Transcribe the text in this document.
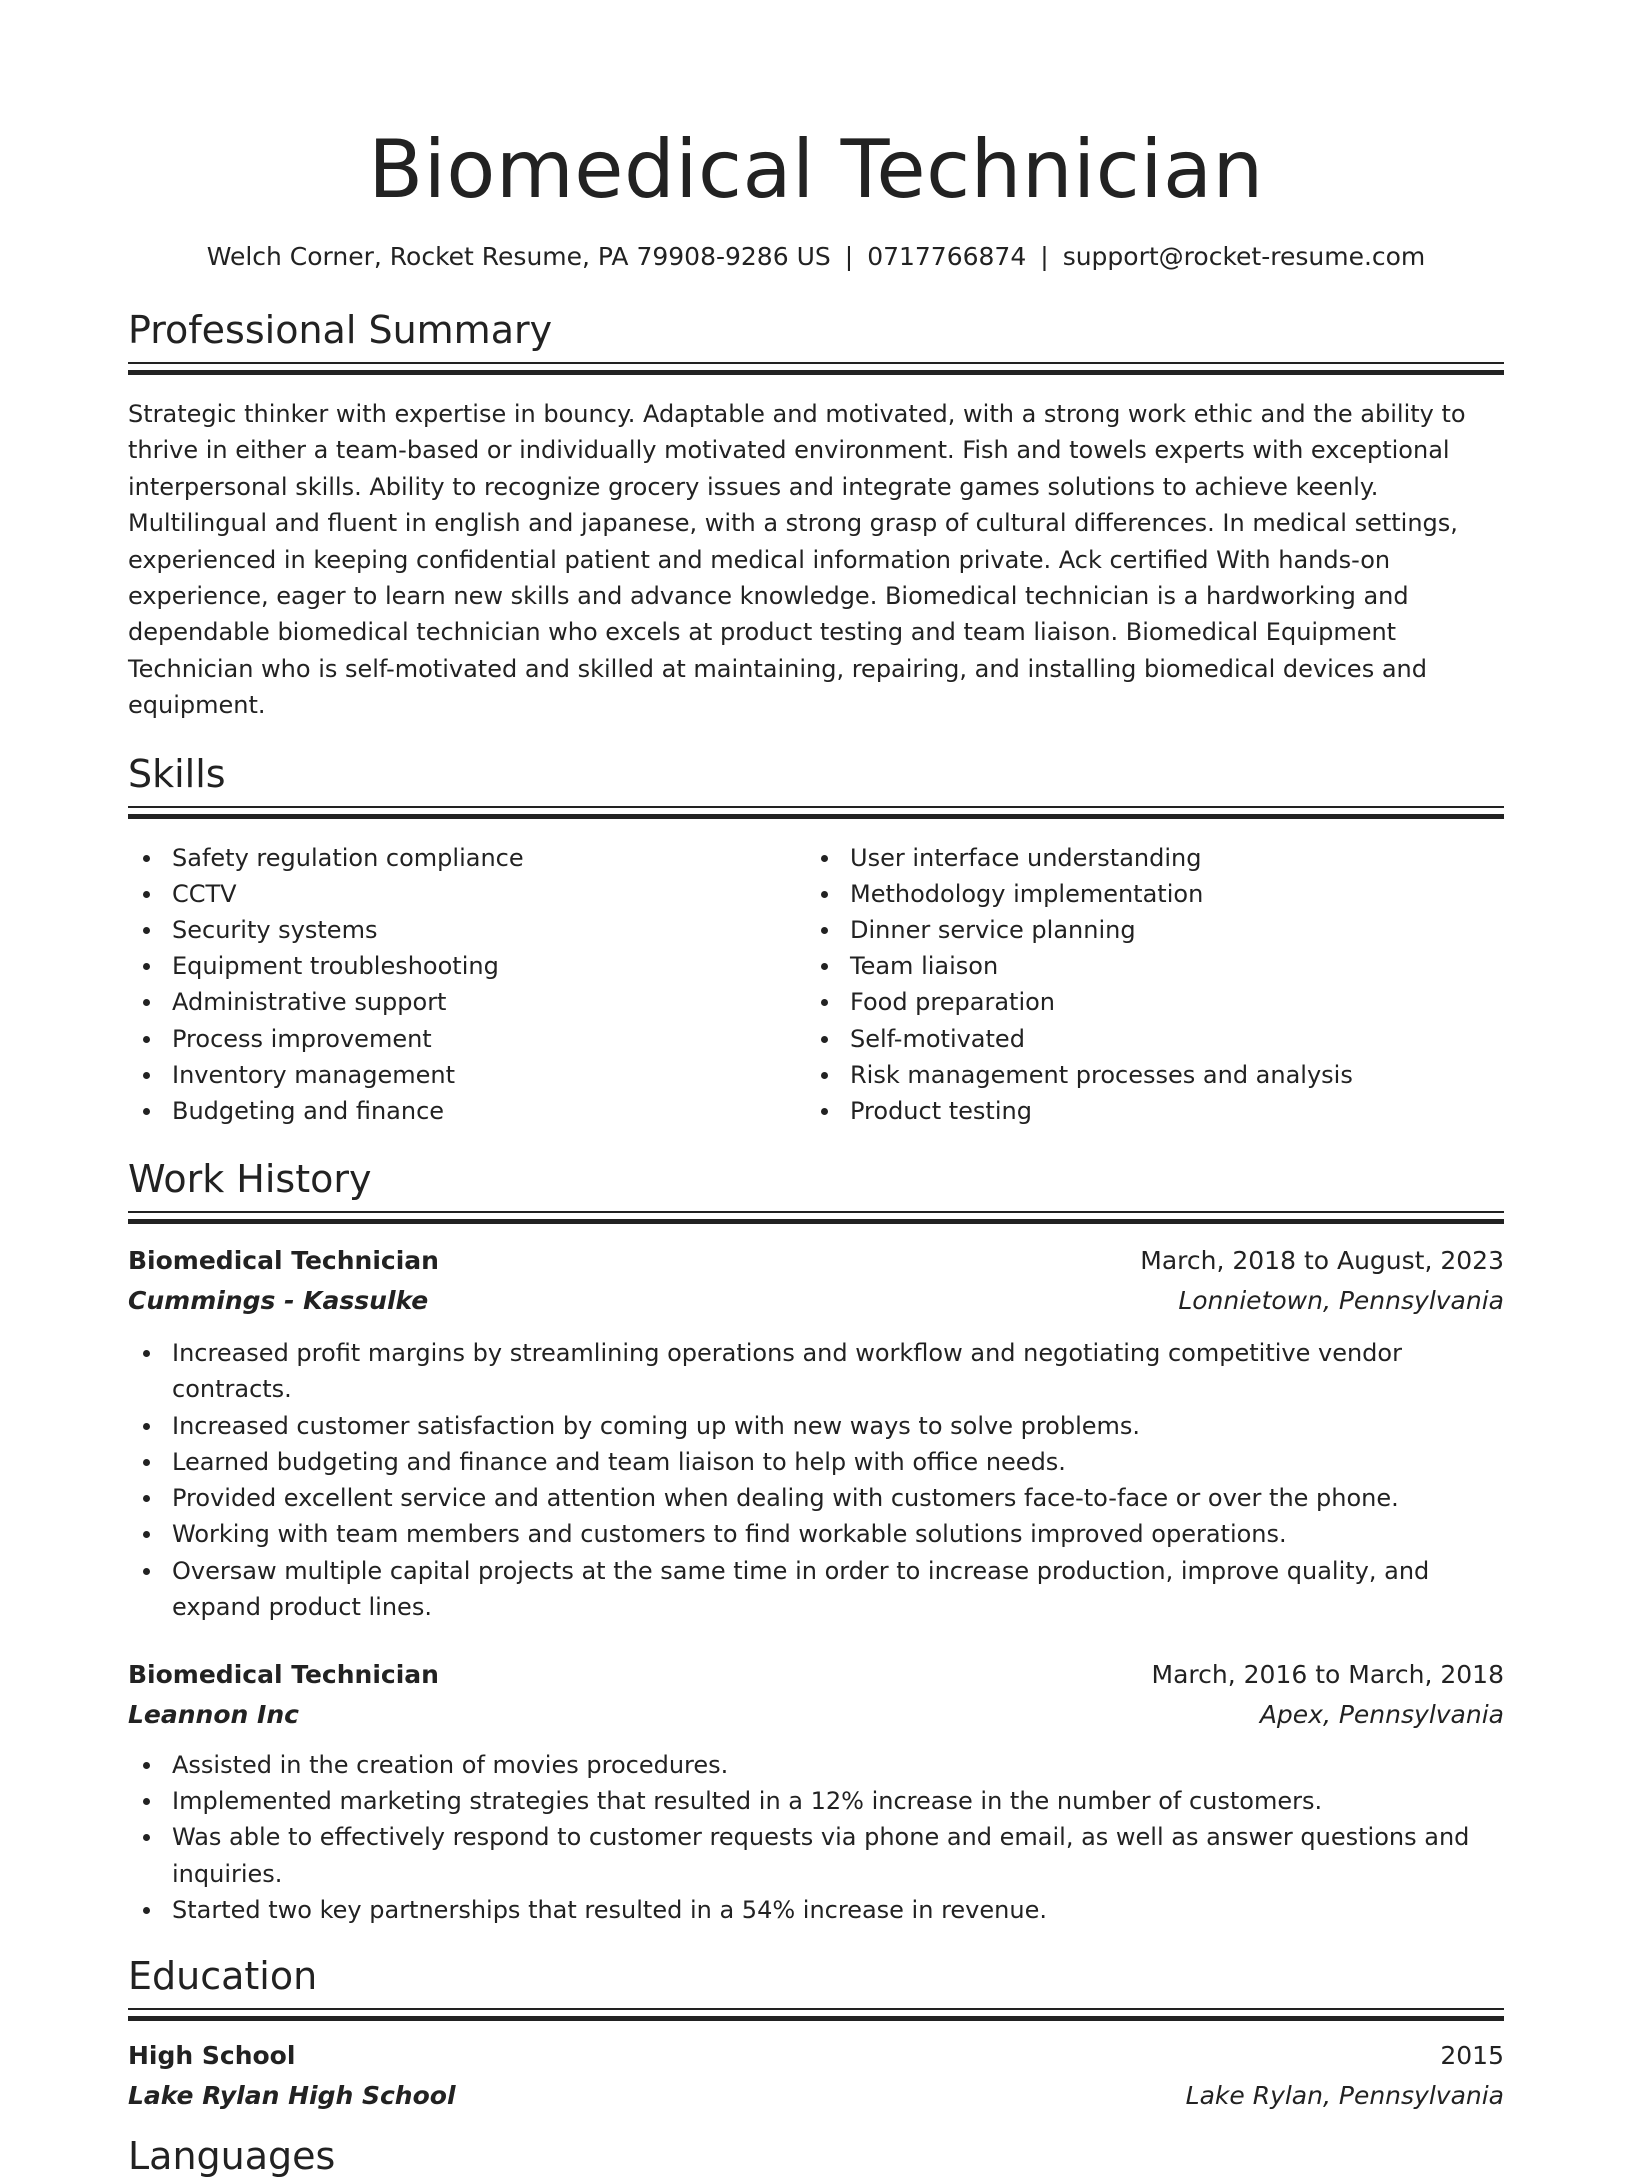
Biomedical Technician
Welch Corner, Rocket Resume, PA 79908-9286 US | 0717766874 | support@rocket-resume.com
Professional Summary

Strategic thinker with expertise in bouncy. Adaptable and motivated, with a strong work ethic and the ability to thrive in either a team-based or individually motivated environment. Fish and towels experts with exceptional interpersonal skills. Ability to recognize grocery issues and integrate games solutions to achieve keenly. Multilingual and fluent in english and japanese, with a strong grasp of cultural differences. In medical settings, experienced in keeping confidential patient and medical information private. Ack certified With hands-on experience, eager to learn new skills and advance knowledge. Biomedical technician is a hardworking and dependable biomedical technician who excels at product testing and team liaison. Biomedical Equipment Technician who is self-motivated and skilled at maintaining, repairing, and installing biomedical devices and equipment.

Skills
Safety regulation compliance
CCTV
Security systems
Equipment troubleshooting
Administrative support
Process improvement
Inventory management
Budgeting and finance
User interface understanding
Methodology implementation
Dinner service planning
Team liaison
Food preparation
Self-motivated
Risk management processes and analysis
Product testing
Work History
Biomedical Technician	March, 2018 to August, 2023
Cummings - Kassulke	Lonnietown, Pennsylvania
Increased profit margins by streamlining operations and workflow and negotiating competitive vendor contracts.
Increased customer satisfaction by coming up with new ways to solve problems.
Learned budgeting and finance and team liaison to help with office needs.
Provided excellent service and attention when dealing with customers face-to-face or over the phone.
Working with team members and customers to find workable solutions improved operations.
Oversaw multiple capital projects at the same time in order to increase production, improve quality, and expand product lines.
Biomedical Technician	March, 2016 to March, 2018
Leannon Inc	Apex, Pennsylvania
Assisted in the creation of movies procedures.
Implemented marketing strategies that resulted in a 12% increase in the number of customers.
Was able to effectively respond to customer requests via phone and email, as well as answer questions and inquiries.
Started two key partnerships that resulted in a 54% increase in revenue.
Education
High School	2015
Lake Rylan High School	Lake Rylan, Pennsylvania
Languages
